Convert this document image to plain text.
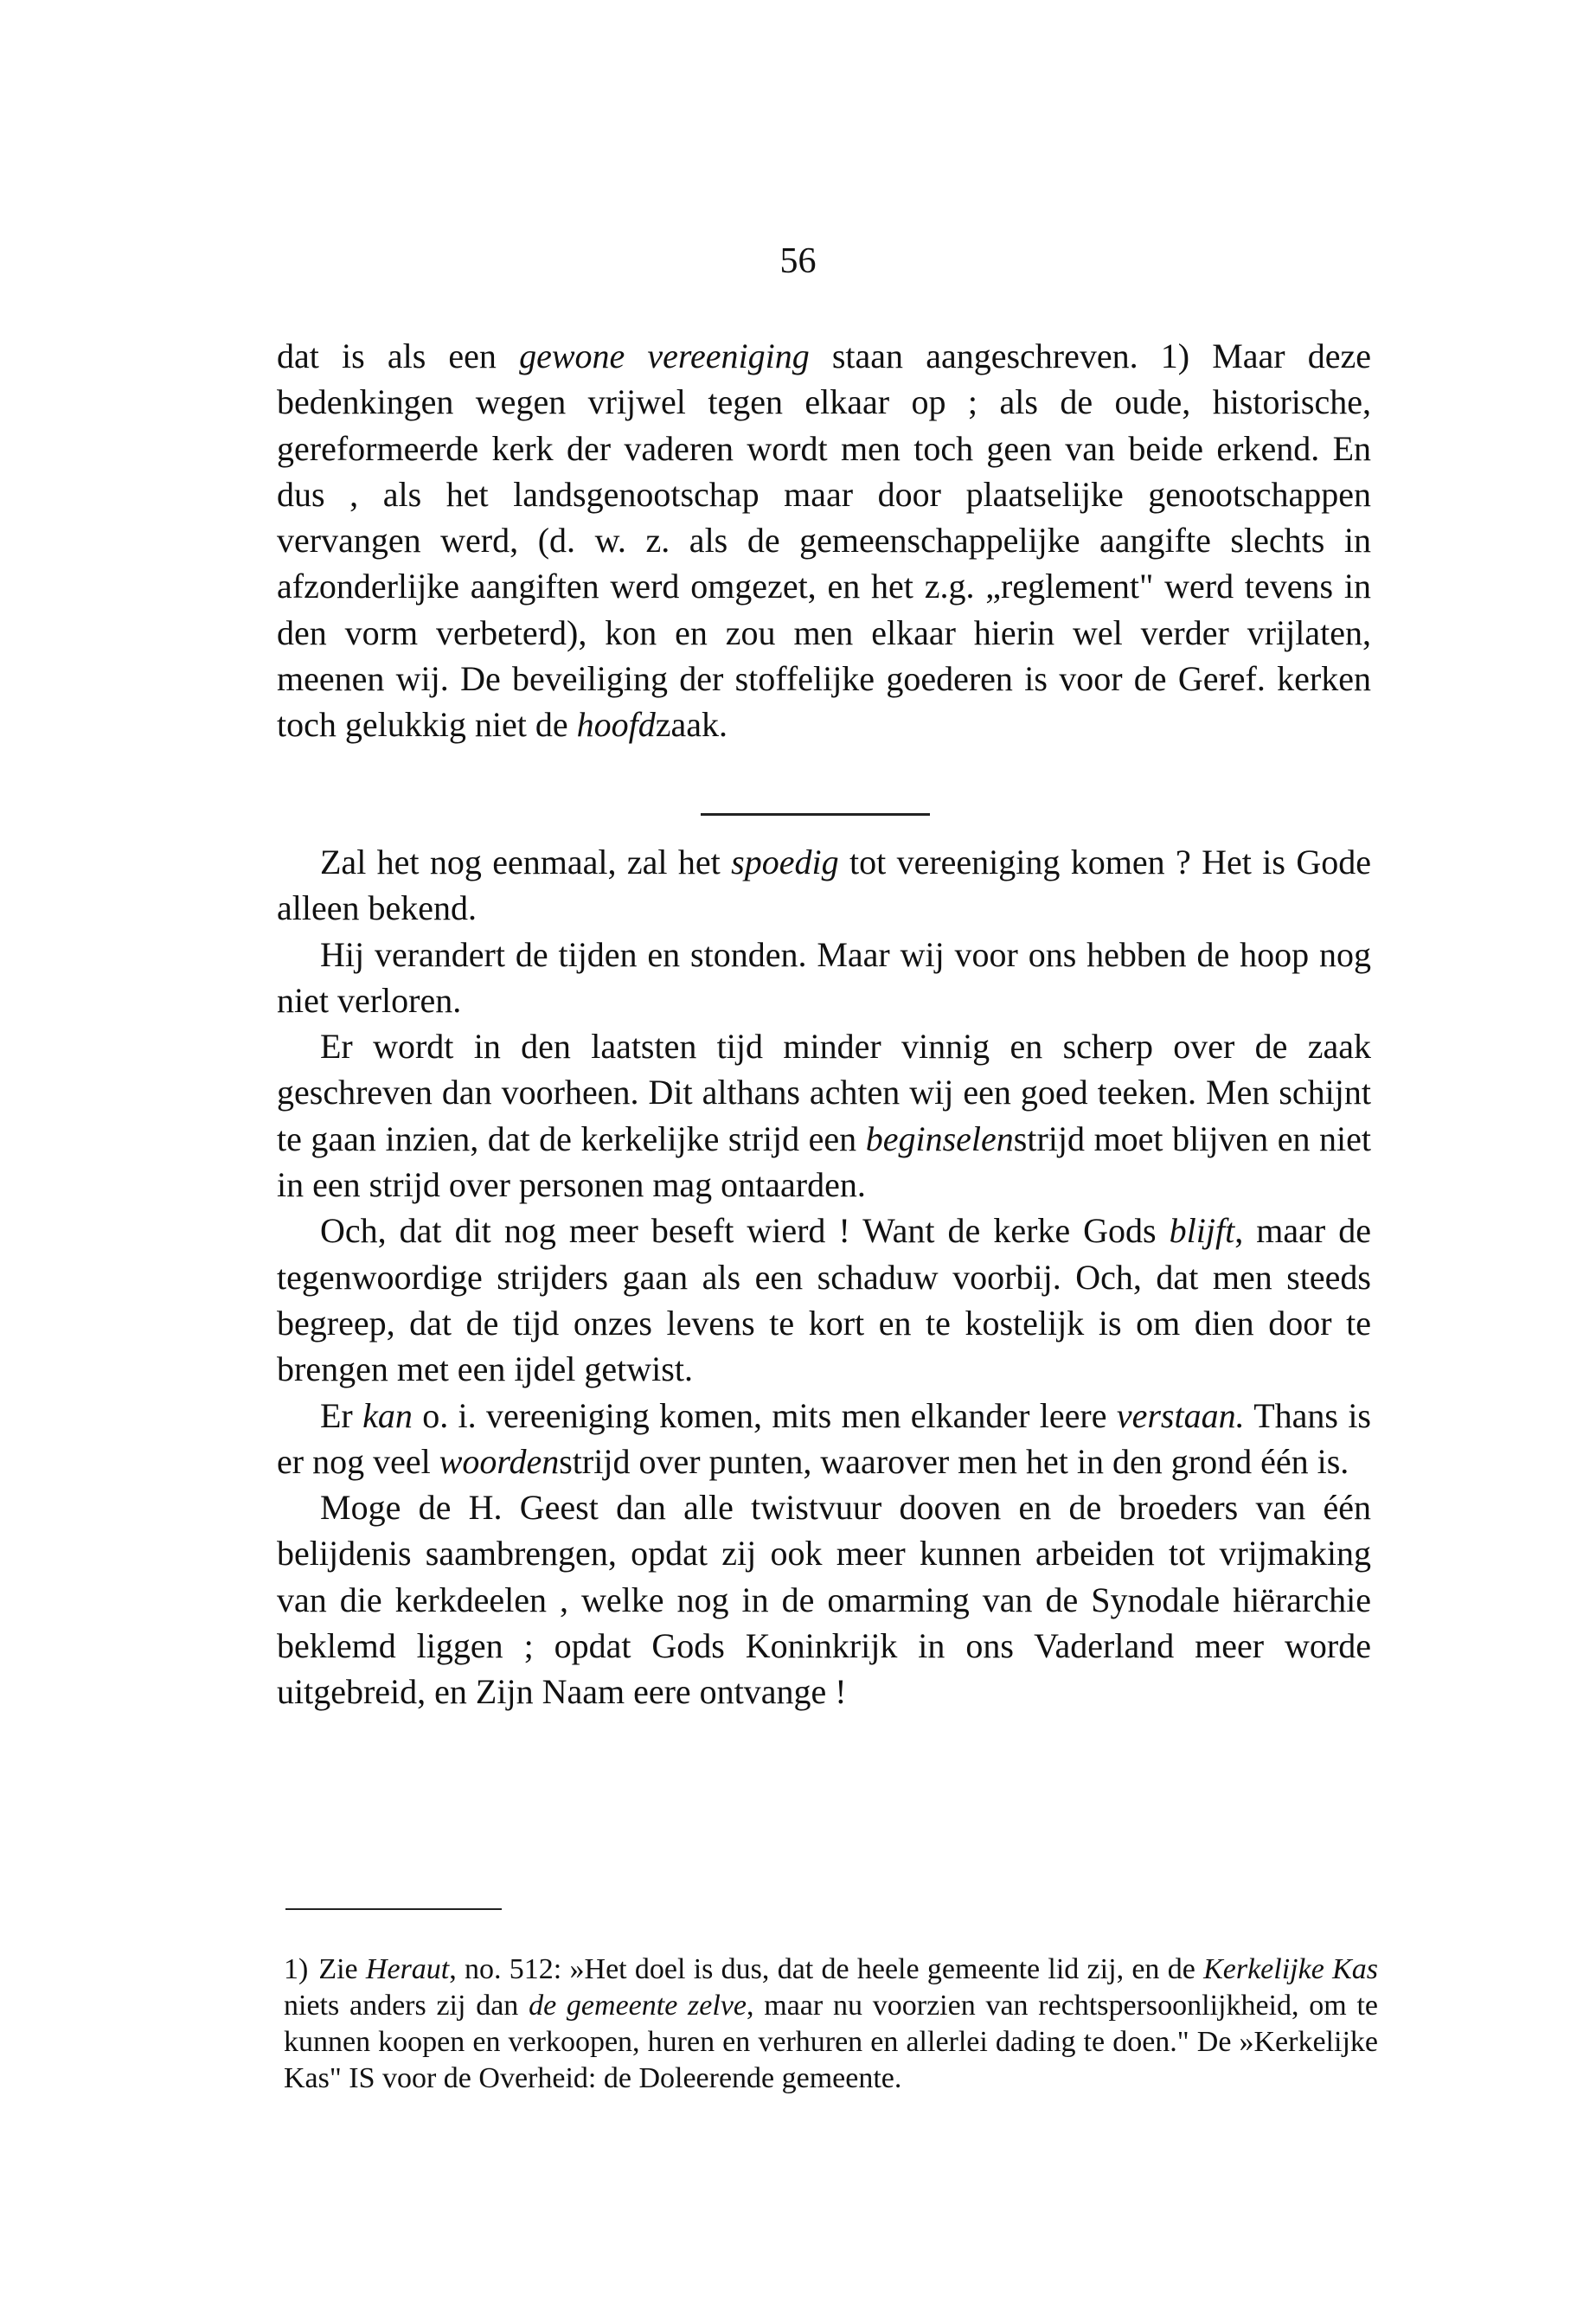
56

dat is als een gewone vereeniging staan aangeschreven. 1) Maar deze bedenkingen wegen vrijwel tegen elkaar op ; als de oude, historische, gereformeerde kerk der vaderen wordt men toch geen van beide erkend. En dus , als het landsgenootschap maar door plaatselijke genootschappen vervangen werd, (d. w. z. als de gemeenschappelijke aangifte slechts in afzonderlijke aangiften werd omgezet, en het z.g. „reglement" werd tevens in den vorm verbeterd), kon en zou men elkaar hierin wel verder vrijlaten, meenen wij. De beveiliging der stoffelijke goederen is voor de Geref. kerken toch gelukkig niet de hoofdzaak.

Zal het nog eenmaal, zal het spoedig tot vereeniging komen ? Het is Gode alleen bekend.

Hij verandert de tijden en stonden. Maar wij voor ons hebben de hoop nog niet verloren.

Er wordt in den laatsten tijd minder vinnig en scherp over de zaak geschreven dan voorheen. Dit althans achten wij een goed teeken. Men schijnt te gaan inzien, dat de kerkelijke strijd een beginselenstrijd moet blijven en niet in een strijd over personen mag ontaarden.

Och, dat dit nog meer beseft wierd ! Want de kerke Gods blijft, maar de tegenwoordige strijders gaan als een schaduw voorbij. Och, dat men steeds begreep, dat de tijd onzes levens te kort en te kostelijk is om dien door te brengen met een ijdel getwist.

Er kan o. i. vereeniging komen, mits men elkander leere verstaan. Thans is er nog veel woordenstrijd over punten, waarover men het in den grond één is.

Moge de H. Geest dan alle twistvuur dooven en de broeders van één belijdenis saambrengen, opdat zij ook meer kunnen arbeiden tot vrijmaking van die kerkdeelen , welke nog in de omarming van de Synodale hiërarchie beklemd liggen ; opdat Gods Koninkrijk in ons Vaderland meer worde uitgebreid, en Zijn Naam eere ontvange !

1) Zie Heraut, no. 512: »Het doel is dus, dat de heele gemeente lid zij, en de Kerkelijke Kas niets anders zij dan de gemeente zelve, maar nu voorzien van rechtspersoonlijkheid, om te kunnen koopen en verkoopen, huren en verhuren en allerlei dading te doen." De »Kerkelijke Kas" IS voor de Overheid: de Doleerende gemeente.
